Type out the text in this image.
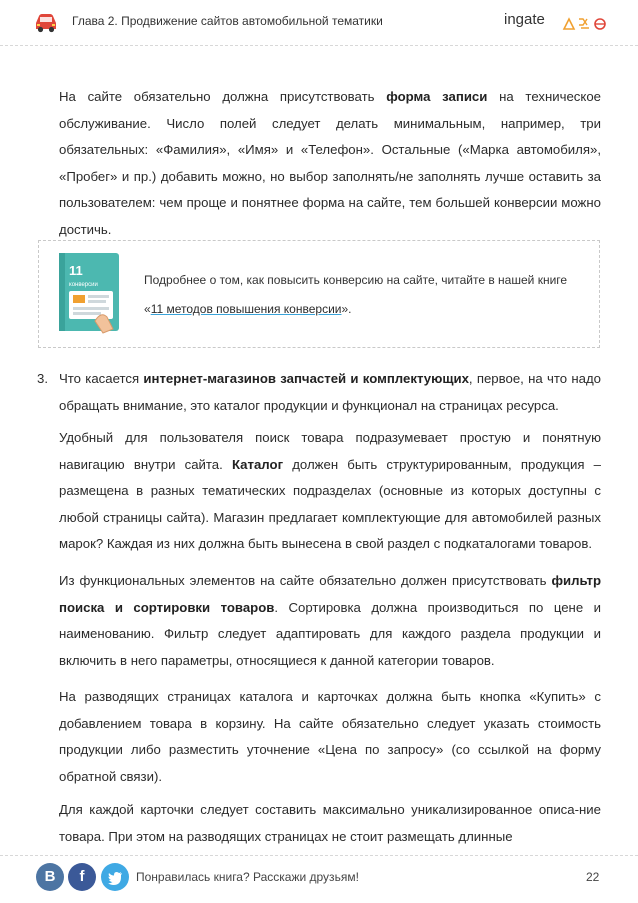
Глава 2. Продвижение сайтов автомобильной тематики	ingate

На сайте обязательно должна присутствовать форма записи на техническое обслуживание. Число полей следует делать минимальным, например, три обязательных: «Фамилия», «Имя» и «Телефон». Остальные («Марка автомобиля», «Пробег» и пр.) добавить можно, но выбор заполнять/не заполнять лучше оставить за пользователем: чем проще и понятнее форма на сайте, тем большей конверсии можно достичь.

11
конверсии	Подробнее о том, как повысить конверсию на сайте, читайте в нашей книге
«11 методов повышения конверсии».
3. Что касается интернет-магазинов запчастей и комплектующих, первое, на что надо обращать внимание, это каталог продукции и функционал на страницах ресурса.

Удобный для пользователя поиск товара подразумевает простую и понятную навигацию внутри сайта. Каталог должен быть структурированным, продукция – размещена в разных тематических подразделах (основные из которых доступны с любой страницы сайта). Магазин предлагает комплектующие для автомобилей разных марок? Каждая из них должна быть вынесена в свой раздел с подкаталогами товаров.

Из функциональных элементов на сайте обязательно должен присутствовать фильтр поиска и сортировки товаров. Сортировка должна производиться по цене и наименованию. Фильтр следует адаптировать для каждого раздела продукции и включить в него параметры, относящиеся к данной категории товаров.

На разводящих страницах каталога и карточках должна быть кнопка «Купить» с добавлением товара в корзину. На сайте обязательно следует указать стоимость продукции либо разместить уточнение «Цена по запросу» (со ссылкой на форму обратной связи).

Для каждой карточки следует составить максимально уникализированное описа-ние товара. При этом на разводящих страницах не стоит размещать длинные

В	f	Понравилась книга? Расскажи друзьям!	22
